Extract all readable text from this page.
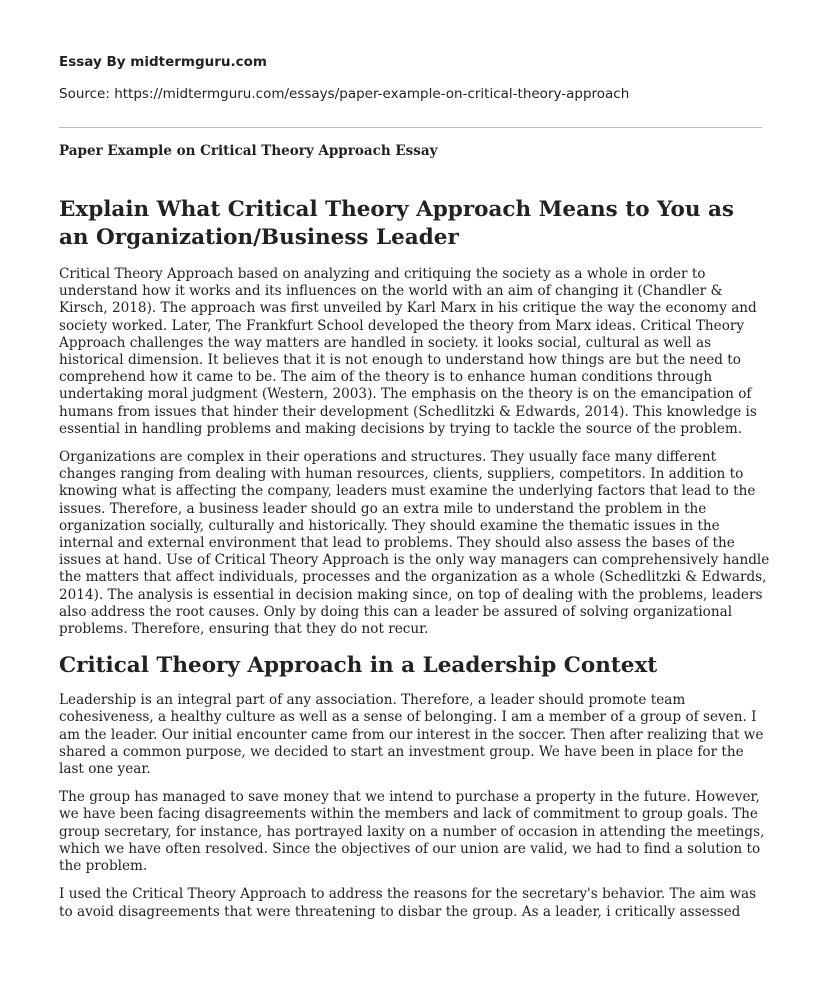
Essay By midtermguru.com

Source: https://midtermguru.com/essays/paper-example-on-critical-theory-approach

Paper Example on Critical Theory Approach Essay

Explain What Critical Theory Approach Means to You as an Organization/Business Leader

Critical Theory Approach based on analyzing and critiquing the society as a whole in order to understand how it works and its influences on the world with an aim of changing it (Chandler & Kirsch, 2018). The approach was first unveiled by Karl Marx in his critique the way the economy and society worked. Later, The Frankfurt School developed the theory from Marx ideas. Critical Theory Approach challenges the way matters are handled in society. it looks social, cultural as well as historical dimension. It believes that it is not enough to understand how things are but the need to comprehend how it came to be. The aim of the theory is to enhance human conditions through undertaking moral judgment (Western, 2003). The emphasis on the theory is on the emancipation of humans from issues that hinder their development (Schedlitzki & Edwards, 2014). This knowledge is essential in handling problems and making decisions by trying to tackle the source of the problem.

Organizations are complex in their operations and structures. They usually face many different changes ranging from dealing with human resources, clients, suppliers, competitors. In addition to knowing what is affecting the company, leaders must examine the underlying factors that lead to the issues. Therefore, a business leader should go an extra mile to understand the problem in the organization socially, culturally and historically. They should examine the thematic issues in the internal and external environment that lead to problems. They should also assess the bases of the issues at hand. Use of Critical Theory Approach is the only way managers can comprehensively handle the matters that affect individuals, processes and the organization as a whole (Schedlitzki & Edwards, 2014). The analysis is essential in decision making since, on top of dealing with the problems, leaders also address the root causes. Only by doing this can a leader be assured of solving organizational problems. Therefore, ensuring that they do not recur.

Critical Theory Approach in a Leadership Context

Leadership is an integral part of any association. Therefore, a leader should promote team cohesiveness, a healthy culture as well as a sense of belonging. I am a member of a group of seven. I am the leader. Our initial encounter came from our interest in the soccer. Then after realizing that we shared a common purpose, we decided to start an investment group. We have been in place for the last one year.

The group has managed to save money that we intend to purchase a property in the future. However, we have been facing disagreements within the members and lack of commitment to group goals. The group secretary, for instance, has portrayed laxity on a number of occasion in attending the meetings, which we have often resolved. Since the objectives of our union are valid, we had to find a solution to the problem.

I used the Critical Theory Approach to address the reasons for the secretary's behavior. The aim was to avoid disagreements that were threatening to disbar the group. As a leader, i critically assessed
